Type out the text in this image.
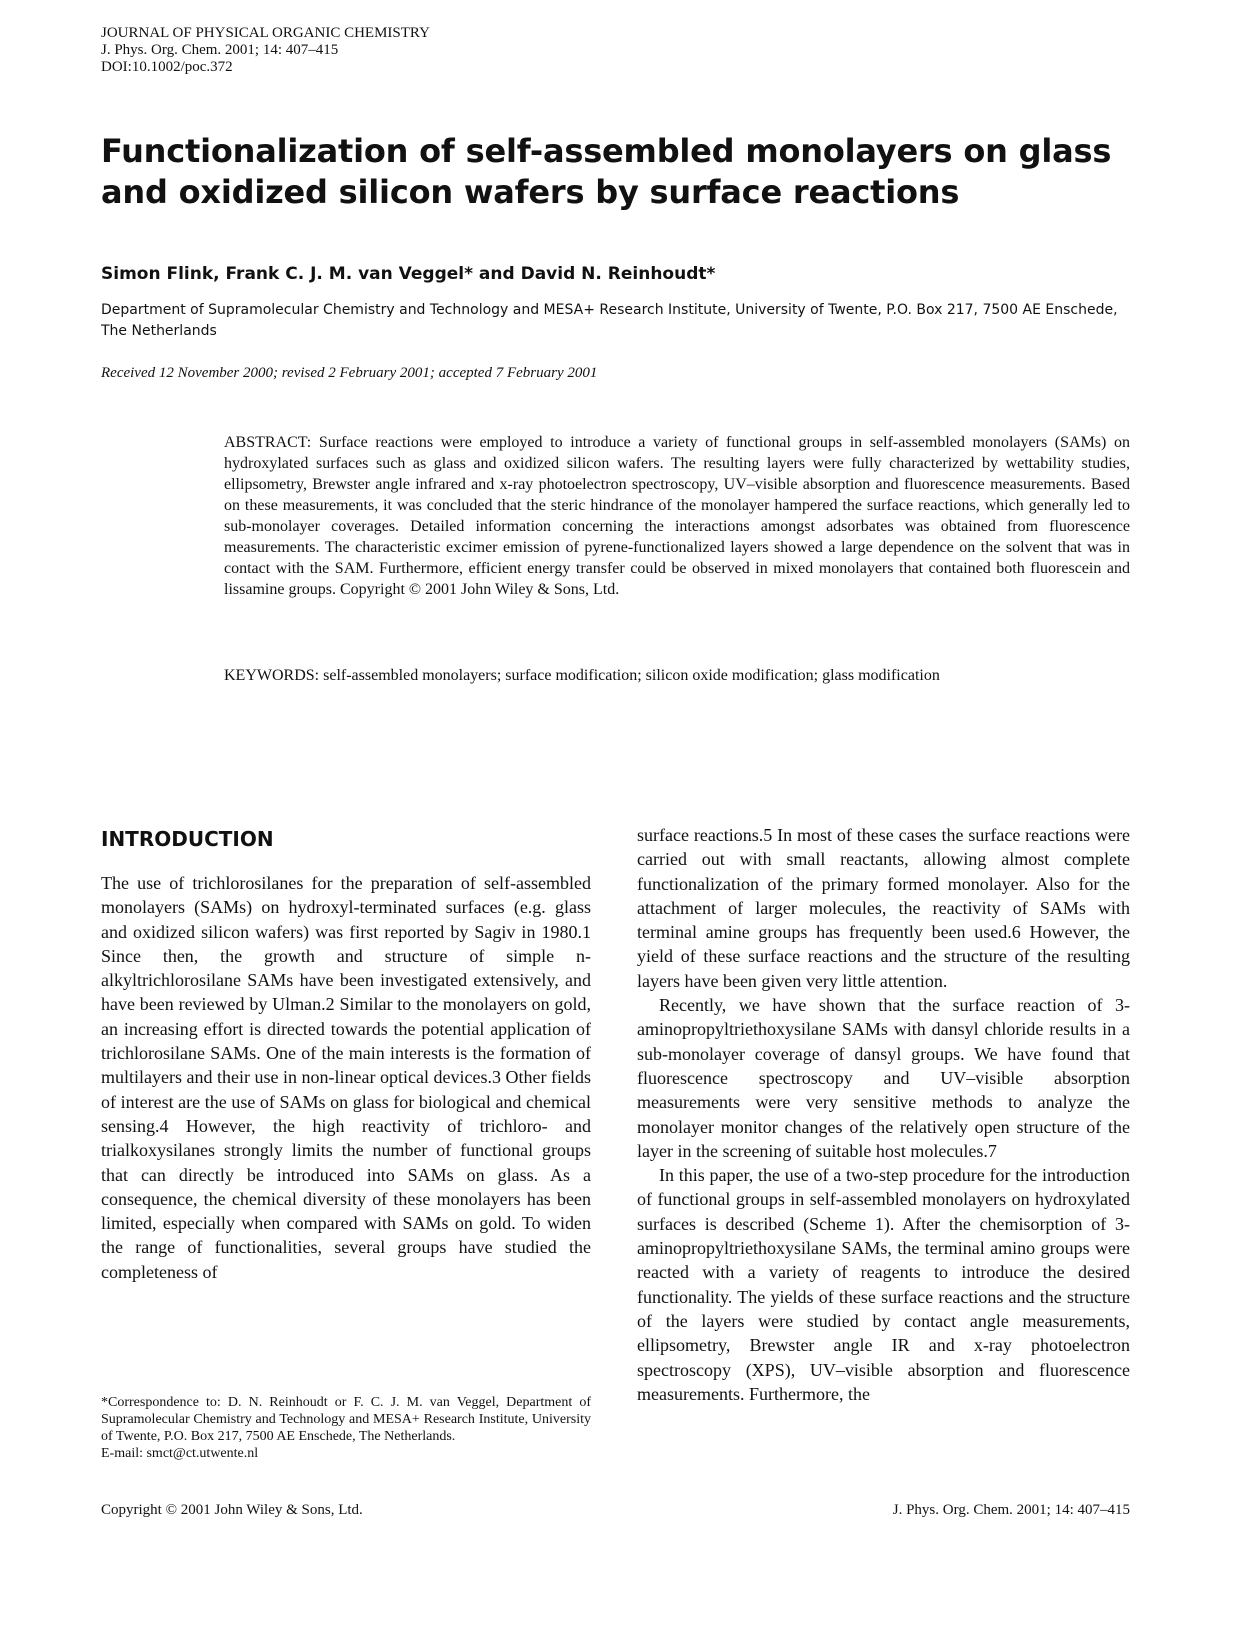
JOURNAL OF PHYSICAL ORGANIC CHEMISTRY
J. Phys. Org. Chem. 2001; 14: 407–415
DOI:10.1002/poc.372
Functionalization of self-assembled monolayers on glass and oxidized silicon wafers by surface reactions
Simon Flink, Frank C. J. M. van Veggel* and David N. Reinhoudt*
Department of Supramolecular Chemistry and Technology and MESA+ Research Institute, University of Twente, P.O. Box 217, 7500 AE Enschede, The Netherlands
Received 12 November 2000; revised 2 February 2001; accepted 7 February 2001
ABSTRACT: Surface reactions were employed to introduce a variety of functional groups in self-assembled monolayers (SAMs) on hydroxylated surfaces such as glass and oxidized silicon wafers. The resulting layers were fully characterized by wettability studies, ellipsometry, Brewster angle infrared and x-ray photoelectron spectroscopy, UV–visible absorption and fluorescence measurements. Based on these measurements, it was concluded that the steric hindrance of the monolayer hampered the surface reactions, which generally led to sub-monolayer coverages. Detailed information concerning the interactions amongst adsorbates was obtained from fluorescence measurements. The characteristic excimer emission of pyrene-functionalized layers showed a large dependence on the solvent that was in contact with the SAM. Furthermore, efficient energy transfer could be observed in mixed monolayers that contained both fluorescein and lissamine groups. Copyright © 2001 John Wiley & Sons, Ltd.
KEYWORDS: self-assembled monolayers; surface modification; silicon oxide modification; glass modification
INTRODUCTION

The use of trichlorosilanes for the preparation of self-assembled monolayers (SAMs) on hydroxyl-terminated surfaces (e.g. glass and oxidized silicon wafers) was first reported by Sagiv in 1980.1 Since then, the growth and structure of simple n-alkyltrichlorosilane SAMs have been investigated extensively, and have been reviewed by Ulman.2 Similar to the monolayers on gold, an increasing effort is directed towards the potential application of trichlorosilane SAMs. One of the main interests is the formation of multilayers and their use in non-linear optical devices.3 Other fields of interest are the use of SAMs on glass for biological and chemical sensing.4 However, the high reactivity of trichloro- and trialkoxysilanes strongly limits the number of functional groups that can directly be introduced into SAMs on glass. As a consequence, the chemical diversity of these monolayers has been limited, especially when compared with SAMs on gold. To widen the range of functionalities, several groups have studied the completeness of

surface reactions.5 In most of these cases the surface reactions were carried out with small reactants, allowing almost complete functionalization of the primary formed monolayer. Also for the attachment of larger molecules, the reactivity of SAMs with terminal amine groups has frequently been used.6 However, the yield of these surface reactions and the structure of the resulting layers have been given very little attention.

Recently, we have shown that the surface reaction of 3-aminopropyltriethoxysilane SAMs with dansyl chloride results in a sub-monolayer coverage of dansyl groups. We have found that fluorescence spectroscopy and UV–visible absorption measurements were very sensitive methods to analyze the monolayer monitor changes of the relatively open structure of the layer in the screening of suitable host molecules.7

In this paper, the use of a two-step procedure for the introduction of functional groups in self-assembled monolayers on hydroxylated surfaces is described (Scheme 1). After the chemisorption of 3-aminopropyltriethoxysilane SAMs, the terminal amino groups were reacted with a variety of reagents to introduce the desired functionality. The yields of these surface reactions and the structure of the layers were studied by contact angle measurements, ellipsometry, Brewster angle IR and x-ray photoelectron spectroscopy (XPS), UV–visible absorption and fluorescence measurements. Furthermore, the

*Correspondence to: D. N. Reinhoudt or F. C. J. M. van Veggel, Department of Supramolecular Chemistry and Technology and MESA+ Research Institute, University of Twente, P.O. Box 217, 7500 AE Enschede, The Netherlands.
E-mail: smct@ct.utwente.nl
Copyright © 2001 John Wiley & Sons, Ltd.	J. Phys. Org. Chem. 2001; 14: 407–415
